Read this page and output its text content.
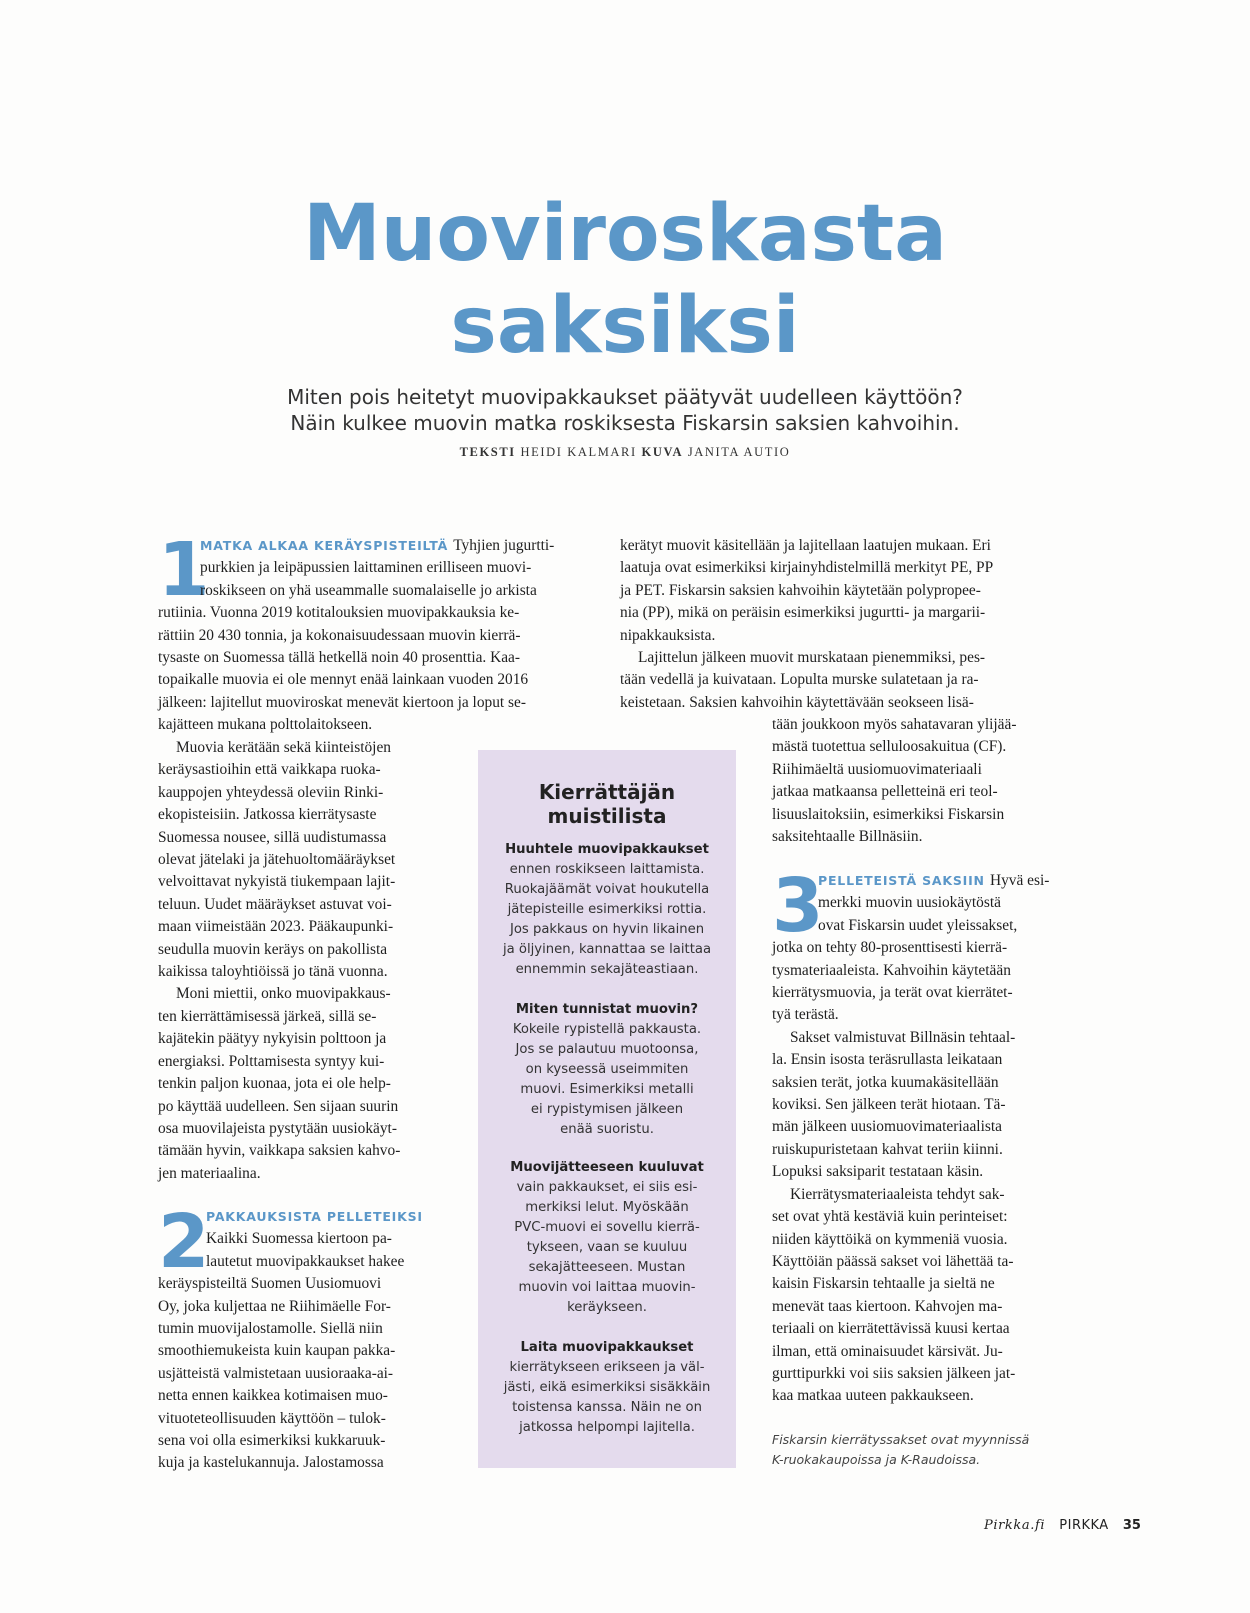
Muoviroskasta
saksiksi
Miten pois heitetyt muovipakkaukset päätyvät uudelleen käyttöön?
Näin kulkee muovin matka roskiksesta Fiskarsin saksien kahvoihin.
TEKSTI HEIDI KALMARI KUVA JANITA AUTIO
1
MATKA ALKAA KERÄYSPISTEILTÄ Tyhjien jugurtti-
purkkien ja leipäpussien laittaminen erilliseen muovi-
roskikseen on yhä useammalle suomalaiselle jo arkista
rutiinia. Vuonna 2019 kotitalouksien muovipakkauksia ke-
rättiin 20 430 tonnia, ja kokonaisuudessaan muovin kierrä-
tysaste on Suomessa tällä hetkellä noin 40 prosenttia. Kaa-
topaikalle muovia ei ole mennyt enää lainkaan vuoden 2016
jälkeen: lajitellut muoviroskat menevät kiertoon ja loput se-
kajätteen mukana polttolaitokseen.
Muovia kerätään sekä kiinteistöjen
keräysastioihin että vaikkapa ruoka-
kauppojen yhteydessä oleviin Rinki-
ekopisteisiin. Jatkossa kierrätysaste
Suomessa nousee, sillä uudistumassa
olevat jätelaki ja jätehuoltomääräykset
velvoittavat nykyistä tiukempaan lajit-
teluun. Uudet määräykset astuvat voi-
maan viimeistään 2023. Pääkaupunki-
seudulla muovin keräys on pakollista
kaikissa taloyhtiöissä jo tänä vuonna.
Moni miettii, onko muovipakkaus-
ten kierrättämisessä järkeä, sillä se-
kajätekin päätyy nykyisin polttoon ja
energiaksi. Polttamisesta syntyy kui-
tenkin paljon kuonaa, jota ei ole help-
po käyttää uudelleen. Sen sijaan suurin
osa muovilajeista pystytään uusiokäyt-
tämään hyvin, vaikkapa saksien kahvo-
jen materiaalina.
2
PAKKAUKSISTA PELLETEIKSI
Kaikki Suomessa kiertoon pa-
lautetut muovipakkaukset hakee
keräyspisteiltä Suomen Uusiomuovi
Oy, joka kuljettaa ne Riihimäelle For-
tumin muovijalostamolle. Siellä niin
smoothiemukeista kuin kaupan pakka-
usjätteistä valmistetaan uusioraaka-ai-
netta ennen kaikkea kotimaisen muo-
vituoteteollisuuden käyttöön – tulok-
sena voi olla esimerkiksi kukkaruuk-
kuja ja kastelukannuja. Jalostamossa
kerätyt muovit käsitellään ja lajitellaan laatujen mukaan. Eri
laatuja ovat esimerkiksi kirjainyhdistelmillä merkityt PE, PP
ja PET. Fiskarsin saksien kahvoihin käytetään polypropee-
nia (PP), mikä on peräisin esimerkiksi jugurtti- ja margarii-
nipakkauksista.
Lajittelun jälkeen muovit murskataan pienemmiksi, pes-
tään vedellä ja kuivataan. Lopulta murske sulatetaan ja ra-
keistetaan. Saksien kahvoihin käytettävään seokseen lisä-
tään joukkoon myös sahatavaran ylijää-
mästä tuotettua selluloosakuitua (CF).
Riihimäeltä uusiomuovimateriaali
jatkaa matkaansa pelletteinä eri teol-
lisuuslaitoksiin, esimerkiksi Fiskarsin
saksitehtaalle Billnäsiin.
3
PELLETEISTÄ SAKSIIN Hyvä esi-
merkki muovin uusiokäytöstä
ovat Fiskarsin uudet yleissakset,
jotka on tehty 80-prosenttisesti kierrä-
tysmateriaaleista. Kahvoihin käytetään
kierrätysmuovia, ja terät ovat kierrätet-
tyä terästä.
Sakset valmistuvat Billnäsin tehtaal-
la. Ensin isosta teräsrullasta leikataan
saksien terät, jotka kuumakäsitellään
koviksi. Sen jälkeen terät hiotaan. Tä-
män jälkeen uusiomuovimateriaalista
ruiskupuristetaan kahvat teriin kiinni.
Lopuksi saksiparit testataan käsin.
Kierrätysmateriaaleista tehdyt sak-
set ovat yhtä kestäviä kuin perinteiset:
niiden käyttöikä on kymmeniä vuosia.
Käyttöiän päässä sakset voi lähettää ta-
kaisin Fiskarsin tehtaalle ja sieltä ne
menevät taas kiertoon. Kahvojen ma-
teriaali on kierrätettävissä kuusi kertaa
ilman, että ominaisuudet kärsivät. Ju-
gurttipurkki voi siis saksien jälkeen jat-
kaa matkaa uuteen pakkaukseen.
Kierrättäjän
muistilista
Huuhtele muovipakkaukset
ennen roskikseen laittamista.
Ruokajäämät voivat houkutella
jätepisteille esimerkiksi rottia.
Jos pakkaus on hyvin likainen
ja öljyinen, kannattaa se laittaa
ennemmin sekajäteastiaan.
Miten tunnistat muovin?
Kokeile rypistellä pakkausta.
Jos se palautuu muotoonsa,
on kyseessä useimmiten
muovi. Esimerkiksi metalli
ei rypistymisen jälkeen
enää suoristu.
Muovijätteeseen kuuluvat
vain pakkaukset, ei siis esi-
merkiksi lelut. Myöskään
PVC-muovi ei sovellu kierrä-
tykseen, vaan se kuuluu
sekajätteeseen. Mustan
muovin voi laittaa muovin-
keräykseen.
Laita muovipakkaukset
kierrätykseen erikseen ja väl-
jästi, eikä esimerkiksi sisäkkäin
toistensa kanssa. Näin ne on
jatkossa helpompi lajitella.
Fiskarsin kierrätyssakset ovat myynnissä
K-ruokakaupoissa ja K-Raudoissa.
Pirkka.fi PIRKKA 35
